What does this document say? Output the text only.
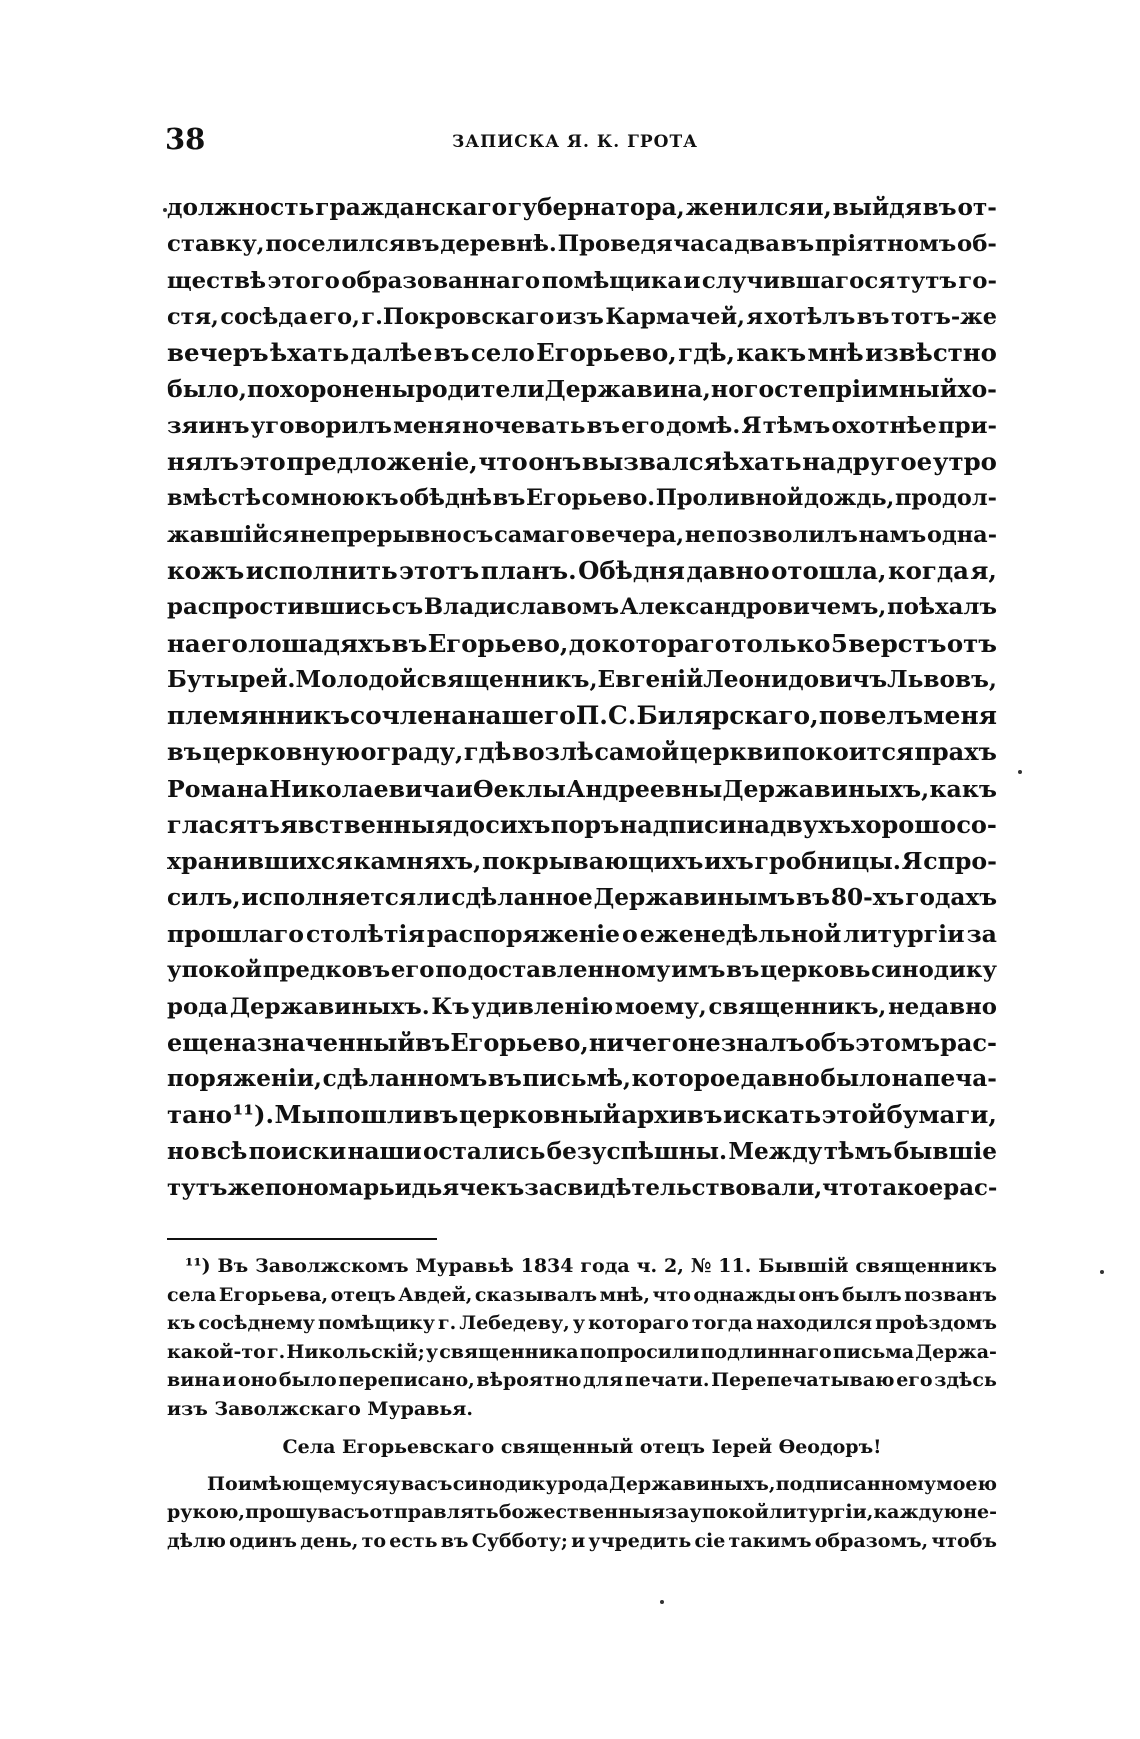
38	ЗАПИСКА Я. К. ГРОТА
должность гражданскаго губернатора, женился и, выйдя въ от-
ставку, поселился въ деревнѣ. Проведя часа два въ пріятномъ об-
ществѣ этого образованнаго помѣщика и случившагося тутъ го-
стя, сосѣда его, г.Покровскаго изъ Кармачей, я хотѣлъ въ тотъ-же
вечеръ ѣхать далѣе въ село Егорьево, гдѣ, какъ мнѣ извѣстно
было, похоронены родители Державина, но гостепріимный хо-
зяинъ уговорилъ меня ночевать въ его домѣ. Я тѣмъ охотнѣе при-
нялъ это предложеніе, что онъ вызвался ѣхать на другое утро
вмѣстѣ со мною къ обѣднѣ въ Егорьево. Проливной дождь, продол-
жавшійся непрерывно съ самаго вечера, не позволилъ намъ одна-
кожъ исполнить этотъ планъ. Обѣдня давно отошла, когда я,
распростившись съ Владиславомъ Александровичемъ, поѣхалъ
на его лошадяхъ въ Егорьево, до котораго только 5 верстъ отъ
Бутырей. Молодой священникъ, Евгеній Леонидовичъ Львовъ,
племянникъ сочлена нашего П. С. Билярскаго, повелъ меня
въ церковную ограду, гдѣ возлѣ самой церкви покоится прахъ
Романа Николаевича и Ѳеклы Андреевны Державиныхъ, какъ
гласятъ явственныя до сихъ поръ надписи на двухъ хорошо со-
хранившихся камняхъ, покрывающихъ ихъ гробницы. Я спро-
силъ, исполняется ли сдѣланное Державинымъ въ 80-хъ годахъ
прошлаго столѣтія распоряженіе о еженедѣльной литургіи за
упокой предковъ его по доставленному имъ въ церковь синодику
рода Державиныхъ. Къ удивленію моему, священникъ, недавно
еще назначенный въ Егорьево, ничего не зналъ объ этомъ рас-
поряженіи, сдѣланномъ въ письмѣ, которое давно было напеча-
тано ¹¹). Мы пошли въ церковный архивъ искать этой бумаги,
но всѣ поиски наши остались безуспѣшны. Между тѣмъ бывшіе
тутъ же пономарь и дьячекъ засвидѣтельствовали, что такое рас-
¹¹) Въ Заволжскомъ Муравьѣ 1834 года ч. 2, № 11. Бывшій священникъ
села Егорьева, отецъ Авдей, сказывалъ мнѣ, что однажды онъ былъ позванъ
къ сосѣднему помѣщику г. Лебедеву, у котораго тогда находился проѣздомъ
какой-то г. Никольскій; у священника попросили подлиннаго письма Держа-
вина и оно было переписано, вѣроятно для печати. Перепечатываю его здѣсь
изъ Заволжскаго Муравья.
Села Егорьевскаго священный отецъ Іерей Ѳеодоръ!
По имѣющемуся у васъ синодику рода Державиныхъ, подписанному моею
рукою, прошу васъ отправлять божественныя за упокой литургіи, каждую не-
дѣлю одинъ день, то есть въ Субботу; и учредить сіе такимъ образомъ, чтобъ
